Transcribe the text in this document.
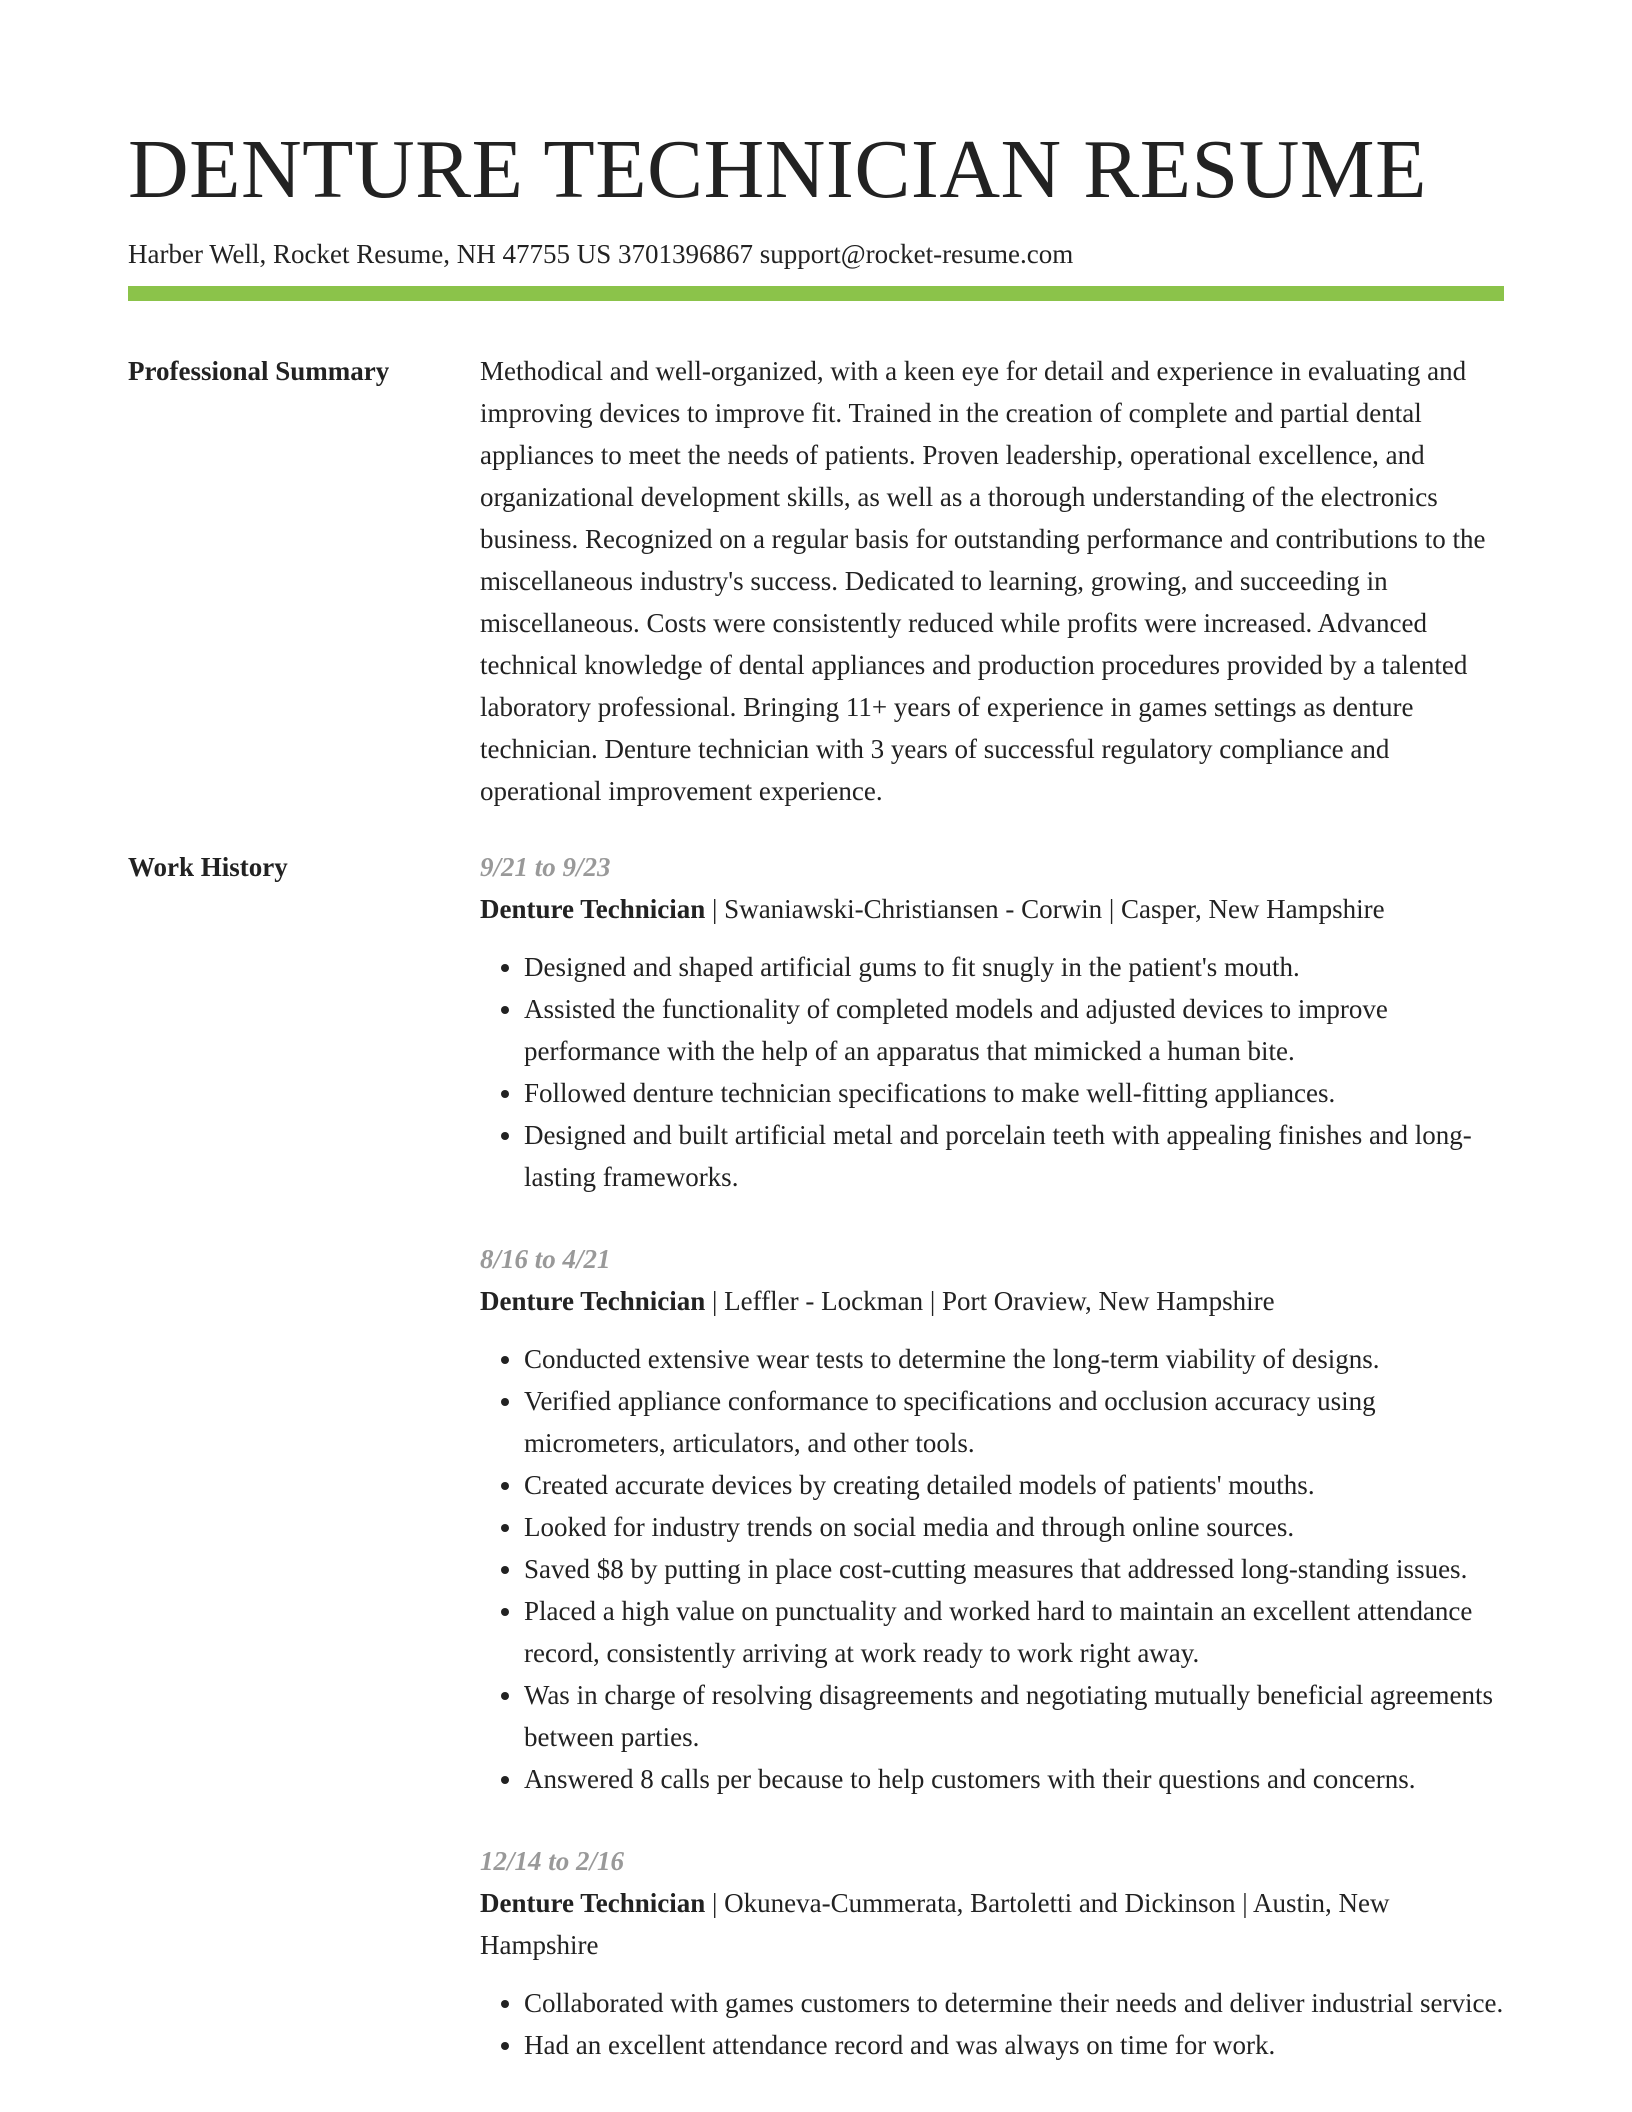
DENTURE TECHNICIAN RESUME
Harber Well, Rocket Resume, NH 47755 US 3701396867 support@rocket-resume.com
Professional Summary	Methodical and well-organized, with a keen eye for detail and experience in evaluating and improving devices to improve fit. Trained in the creation of complete and partial dental appliances to meet the needs of patients. Proven leadership, operational excellence, and organizational development skills, as well as a thorough understanding of the electronics business. Recognized on a regular basis for outstanding performance and contributions to the miscellaneous industry's success. Dedicated to learning, growing, and succeeding in miscellaneous. Costs were consistently reduced while profits were increased. Advanced technical knowledge of dental appliances and production procedures provided by a talented laboratory professional. Bringing 11+ years of experience in games settings as denture technician. Denture technician with 3 years of successful regulatory compliance and operational improvement experience.

Work History	9/21 to 9/23
Denture Technician | Swaniawski-Christiansen - Corwin | Casper, New Hampshire
• Designed and shaped artificial gums to fit snugly in the patient's mouth.
• Assisted the functionality of completed models and adjusted devices to improve performance with the help of an apparatus that mimicked a human bite.
• Followed denture technician specifications to make well-fitting appliances.
• Designed and built artificial metal and porcelain teeth with appealing finishes and long-lasting frameworks.
8/16 to 4/21
Denture Technician | Leffler - Lockman | Port Oraview, New Hampshire
• Conducted extensive wear tests to determine the long-term viability of designs.
• Verified appliance conformance to specifications and occlusion accuracy using micrometers, articulators, and other tools.
• Created accurate devices by creating detailed models of patients' mouths.
• Looked for industry trends on social media and through online sources.
• Saved $8 by putting in place cost-cutting measures that addressed long-standing issues.
• Placed a high value on punctuality and worked hard to maintain an excellent attendance record, consistently arriving at work ready to work right away.
• Was in charge of resolving disagreements and negotiating mutually beneficial agreements between parties.
• Answered 8 calls per because to help customers with their questions and concerns.
12/14 to 2/16
Denture Technician | Okuneva-Cummerata, Bartoletti and Dickinson | Austin, New Hampshire
• Collaborated with games customers to determine their needs and deliver industrial service.
• Had an excellent attendance record and was always on time for work.
